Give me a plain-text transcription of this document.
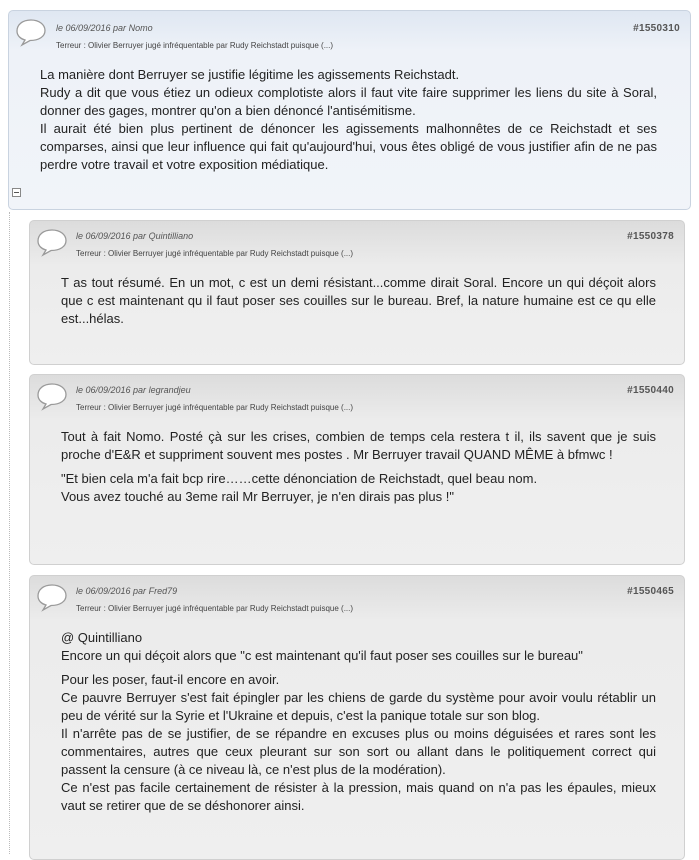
le 06/09/2016 par Nomo	#1550310
Terreur : Olivier Berruyer jugé infréquentable par Rudy Reichstadt puisque (...)

La manière dont Berruyer se justifie légitime les agissements Reichstadt.
Rudy a dit que vous étiez un odieux complotiste alors il faut vite faire supprimer les liens du site à Soral, donner des gages, montrer qu'on a bien dénoncé l'antisémitisme.
Il aurait été bien plus pertinent de dénoncer les agissements malhonnêtes de ce Reichstadt et ses comparses, ainsi que leur influence qui fait qu'aujourd'hui, vous êtes obligé de vous justifier afin de ne pas perdre votre travail et votre exposition médiatique.

le 06/09/2016 par Quintilliano	#1550378
Terreur : Olivier Berruyer jugé infréquentable par Rudy Reichstadt puisque (...)

T as tout résumé. En un mot, c est un demi résistant...comme dirait Soral. Encore un qui déçoit alors que c est maintenant qu il faut poser ses couilles sur le bureau. Bref, la nature humaine est ce qu elle est...hélas.

le 06/09/2016 par legrandjeu	#1550440
Terreur : Olivier Berruyer jugé infréquentable par Rudy Reichstadt puisque (...)

Tout à fait Nomo. Posté çà sur les crises, combien de temps cela restera t il, ils savent que je suis proche d'E&R et suppriment souvent mes postes . Mr Berruyer travail QUAND MÊME à bfmwc !

"Et bien cela m'a fait bcp rire……cette dénonciation de Reichstadt, quel beau nom.
Vous avez touché au 3eme rail Mr Berruyer, je n'en dirais pas plus !"

le 06/09/2016 par Fred79	#1550465
Terreur : Olivier Berruyer jugé infréquentable par Rudy Reichstadt puisque (...)

@ Quintilliano
Encore un qui déçoit alors que "c est maintenant qu'il faut poser ses couilles sur le bureau"

Pour les poser, faut-il encore en avoir.
Ce pauvre Berruyer s'est fait épingler par les chiens de garde du système pour avoir voulu rétablir un peu de vérité sur la Syrie et l'Ukraine et depuis, c'est la panique totale sur son blog.
Il n'arrête pas de se justifier, de se répandre en excuses plus ou moins déguisées et rares sont les commentaires, autres que ceux pleurant sur son sort ou allant dans le politiquement correct qui passent la censure (à ce niveau là, ce n'est plus de la modération).
Ce n'est pas facile certainement de résister à la pression, mais quand on n'a pas les épaules, mieux vaut se retirer que de se déshonorer ainsi.
